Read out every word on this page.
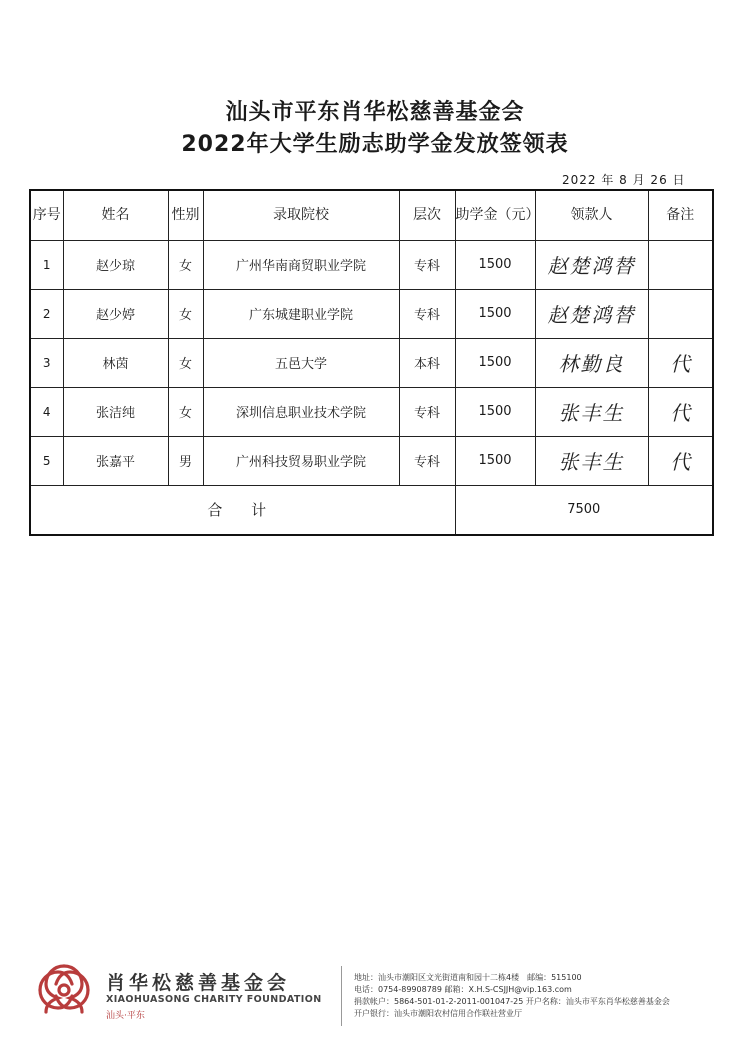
汕头市平东肖华松慈善基金会
2022年大学生励志助学金发放签领表
2022 年 8 月 26 日
序号	姓名	性别	录取院校	层次	助学金（元）	领款人	备注
1	赵少琼	女	广州华南商贸职业学院	专科	1500	赵楚鸿替	
2	赵少婷	女	广东城建职业学院	专科	1500	赵楚鸿替	
3	林茵	女	五邑大学	本科	1500	林勤良	代
4	张洁纯	女	深圳信息职业技术学院	专科	1500	张丰生	代
5	张嘉平	男	广州科技贸易职业学院	专科	1500	张丰生	代
合 计					7500		
肖华松慈善基金会
XIAOHUASONG CHARITY FOUNDATION
汕头·平东
地址：汕头市潮阳区文光街道南和园十二栋4楼　邮编：515100
电话：0754-89908789 邮箱：X.H.S-CSJJH@vip.163.com
捐款帐户：5864-501-01-2-2011-001047-25 开户名称：汕头市平东肖华松慈善基金会
开户银行：汕头市潮阳农村信用合作联社营业厅
